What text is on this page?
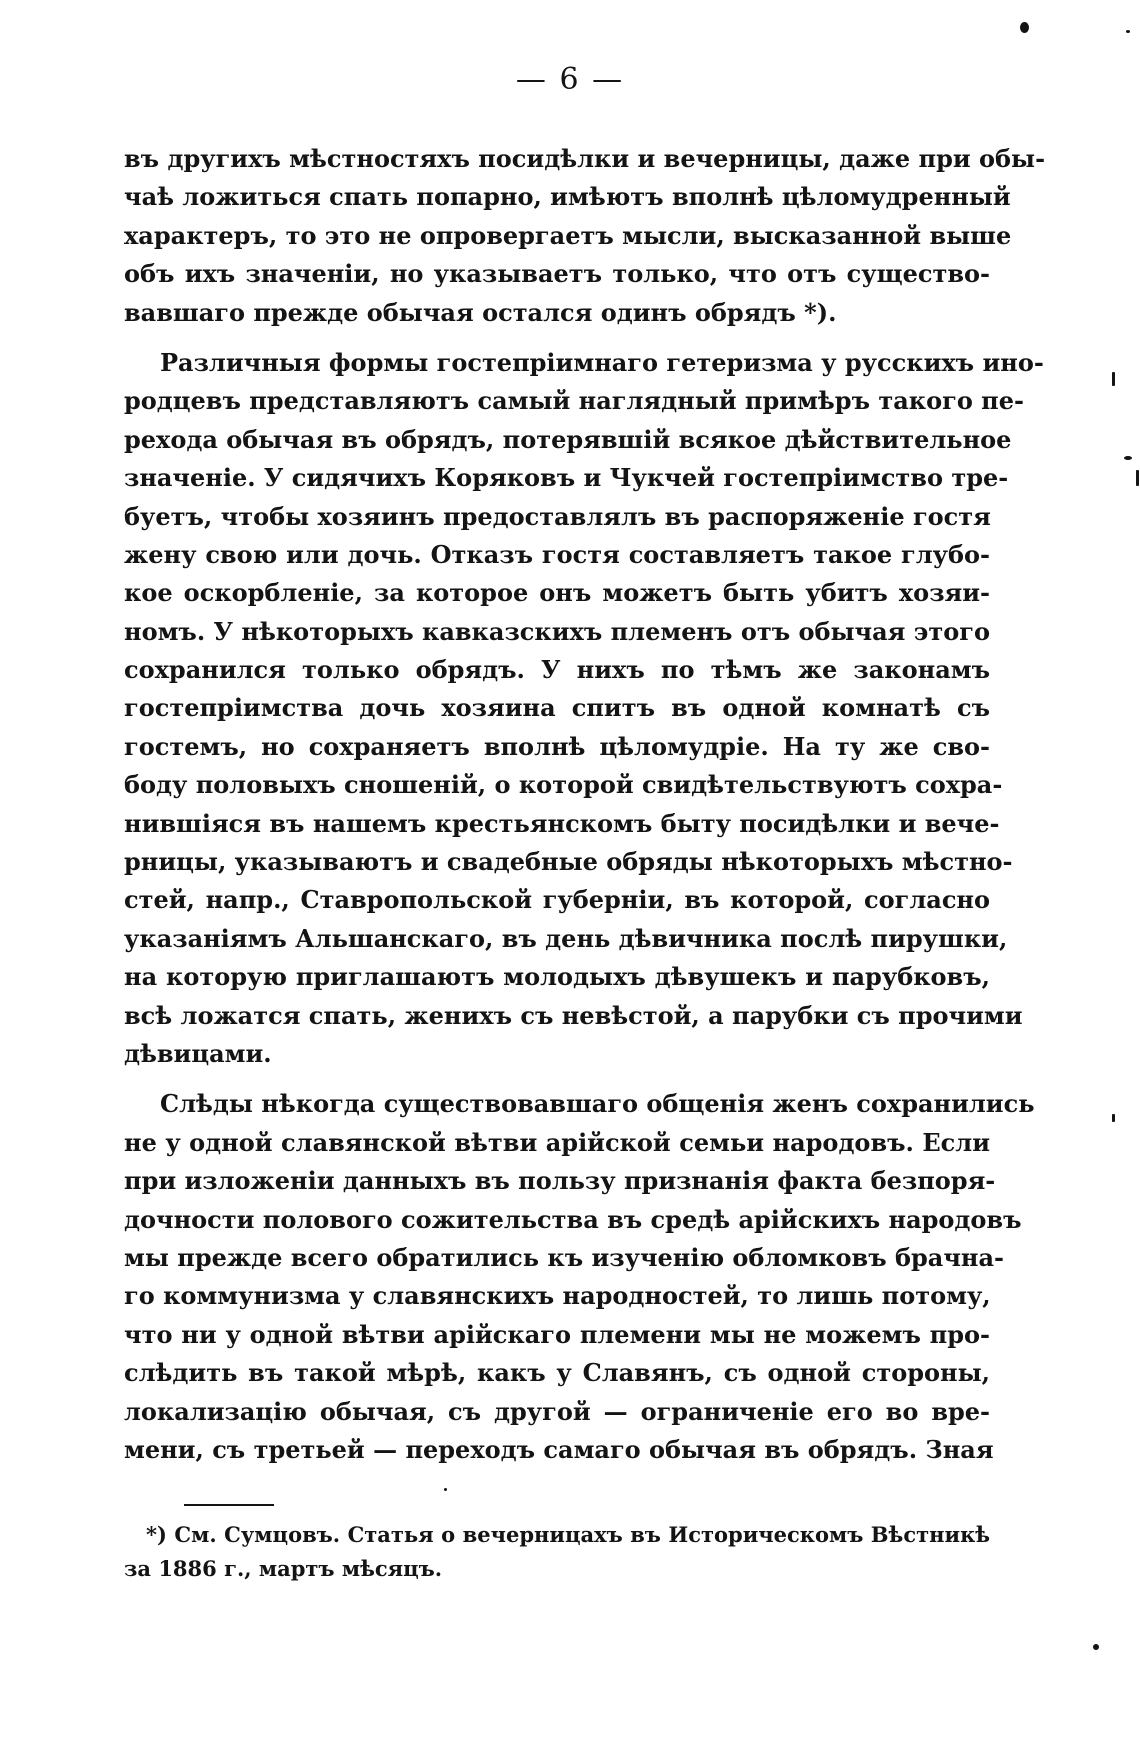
— 6 —
въ другихъ мѣстностяхъ посидѣлки и вечерницы, даже при обы-
чаѣ ложиться спать попарно, имѣютъ вполнѣ цѣломудренный
характеръ, то это не опровергаетъ мысли, высказанной выше
объ ихъ значеніи, но указываетъ только, что отъ существо-
вавшаго прежде обычая остался одинъ обрядъ *).
Различныя формы гостепріимнаго гетеризма у русскихъ ино-
родцевъ представляютъ самый наглядный примѣръ такого пе-
рехода обычая въ обрядъ, потерявшій всякое дѣйствительное
значеніе. У сидячихъ Коряковъ и Чукчей гостепріимство тре-
буетъ, чтобы хозяинъ предоставлялъ въ распоряженіе гостя
жену свою или дочь. Отказъ гостя составляетъ такое глубо-
кое оскорбленіе, за которое онъ можетъ быть убитъ хозяи-
номъ. У нѣкоторыхъ кавказскихъ племенъ отъ обычая этого
сохранился только обрядъ. У нихъ по тѣмъ же законамъ
гостепріимства дочь хозяина спитъ въ одной комнатѣ съ
гостемъ, но сохраняетъ вполнѣ цѣломудріе. На ту же сво-
боду половыхъ сношеній, о которой свидѣтельствуютъ сохра-
нившіяся въ нашемъ крестьянскомъ быту посидѣлки и вече-
рницы, указываютъ и свадебные обряды нѣкоторыхъ мѣстно-
стей, напр., Ставропольской губерніи, въ которой, согласно
указаніямъ Альшанскаго, въ день дѣвичника послѣ пирушки,
на которую приглашаютъ молодыхъ дѣвушекъ и парубковъ,
всѣ ложатся спать, женихъ съ невѣстой, а парубки съ прочими
дѣвицами.
Слѣды нѣкогда существовавшаго общенія женъ сохранились
не у одной славянской вѣтви арійской семьи народовъ. Если
при изложеніи данныхъ въ пользу признанія факта безпоря-
дочности полового сожительства въ средѣ арійскихъ народовъ
мы прежде всего обратились къ изученію обломковъ брачна-
го коммунизма у славянскихъ народностей, то лишь потому,
что ни у одной вѣтви арійскаго племени мы не можемъ про-
слѣдить въ такой мѣрѣ, какъ у Славянъ, съ одной стороны,
локализацію обычая, съ другой — ограниченіе его во вре-
мени, съ третьей — переходъ самаго обычая въ обрядъ. Зная
*) См. Сумцовъ. Статья о вечерницахъ въ Историческомъ Вѣстникѣ
за 1886 г., мартъ мѣсяцъ.
